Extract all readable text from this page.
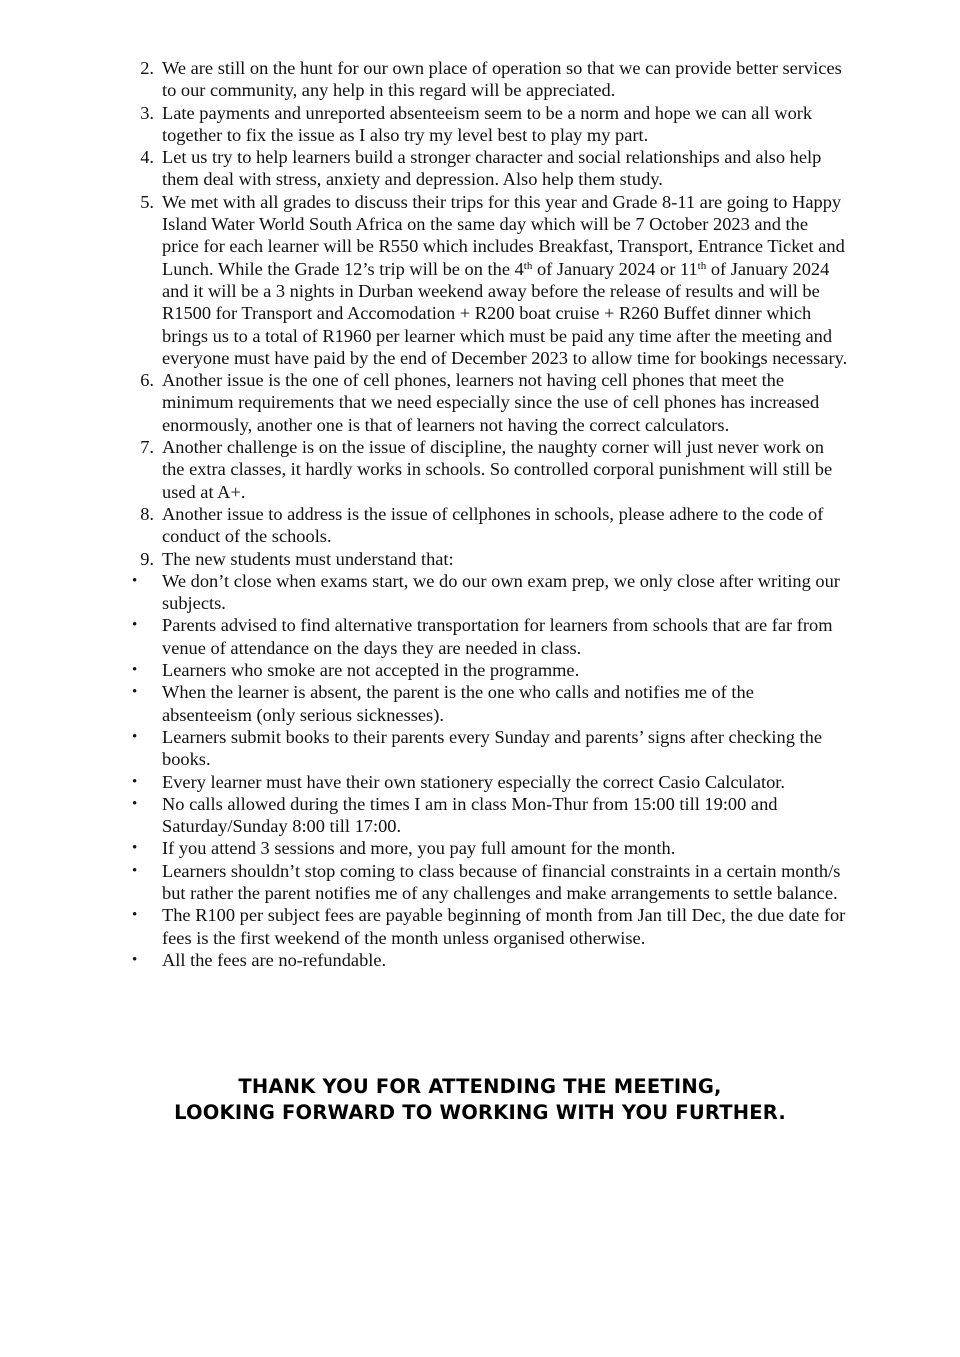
2. We are still on the hunt for our own place of operation so that we can provide better services to our community, any help in this regard will be appreciated.
3. Late payments and unreported absenteeism seem to be a norm and hope we can all work together to fix the issue as I also try my level best to play my part.
4. Let us try to help learners build a stronger character and social relationships and also help them deal with stress, anxiety and depression. Also help them study.
5. We met with all grades to discuss their trips for this year and Grade 8-11 are going to Happy Island Water World South Africa on the same day which will be 7 October 2023 and the price for each learner will be R550 which includes Breakfast, Transport, Entrance Ticket and Lunch. While the Grade 12’s trip will be on the 4th of January 2024 or 11th of January 2024 and it will be a 3 nights in Durban weekend away before the release of results and will be R1500 for Transport and Accomodation + R200 boat cruise + R260 Buffet dinner which brings us to a total of R1960 per learner which must be paid any time after the meeting and everyone must have paid by the end of December 2023 to allow time for bookings necessary.
6. Another issue is the one of cell phones, learners not having cell phones that meet the minimum requirements that we need especially since the use of cell phones has increased enormously, another one is that of learners not having the correct calculators.
7. Another challenge is on the issue of discipline, the naughty corner will just never work on the extra classes, it hardly works in schools. So controlled corporal punishment will still be used at A+.
8. Another issue to address is the issue of cellphones in schools, please adhere to the code of conduct of the schools.
9. The new students must understand that:
•	We don’t close when exams start, we do our own exam prep, we only close after writing our subjects.
•	Parents advised to find alternative transportation for learners from schools that are far from venue of attendance on the days they are needed in class.
•	Learners who smoke are not accepted in the programme.
•	When the learner is absent, the parent is the one who calls and notifies me of the absenteeism (only serious sicknesses).
•	Learners submit books to their parents every Sunday and parents’ signs after checking the books.
•	Every learner must have their own stationery especially the correct Casio Calculator.
•	No calls allowed during the times I am in class Mon-Thur from 15:00 till 19:00 and Saturday/Sunday 8:00 till 17:00.
•	If you attend 3 sessions and more, you pay full amount for the month.
•	Learners shouldn’t stop coming to class because of financial constraints in a certain month/s but rather the parent notifies me of any challenges and make arrangements to settle balance.
•	The R100 per subject fees are payable beginning of month from Jan till Dec, the due date for fees is the first weekend of the month unless organised otherwise.
•	All the fees are no-refundable.
THANK YOU FOR ATTENDING THE MEETING,
LOOKING FORWARD TO WORKING WITH YOU FURTHER.
